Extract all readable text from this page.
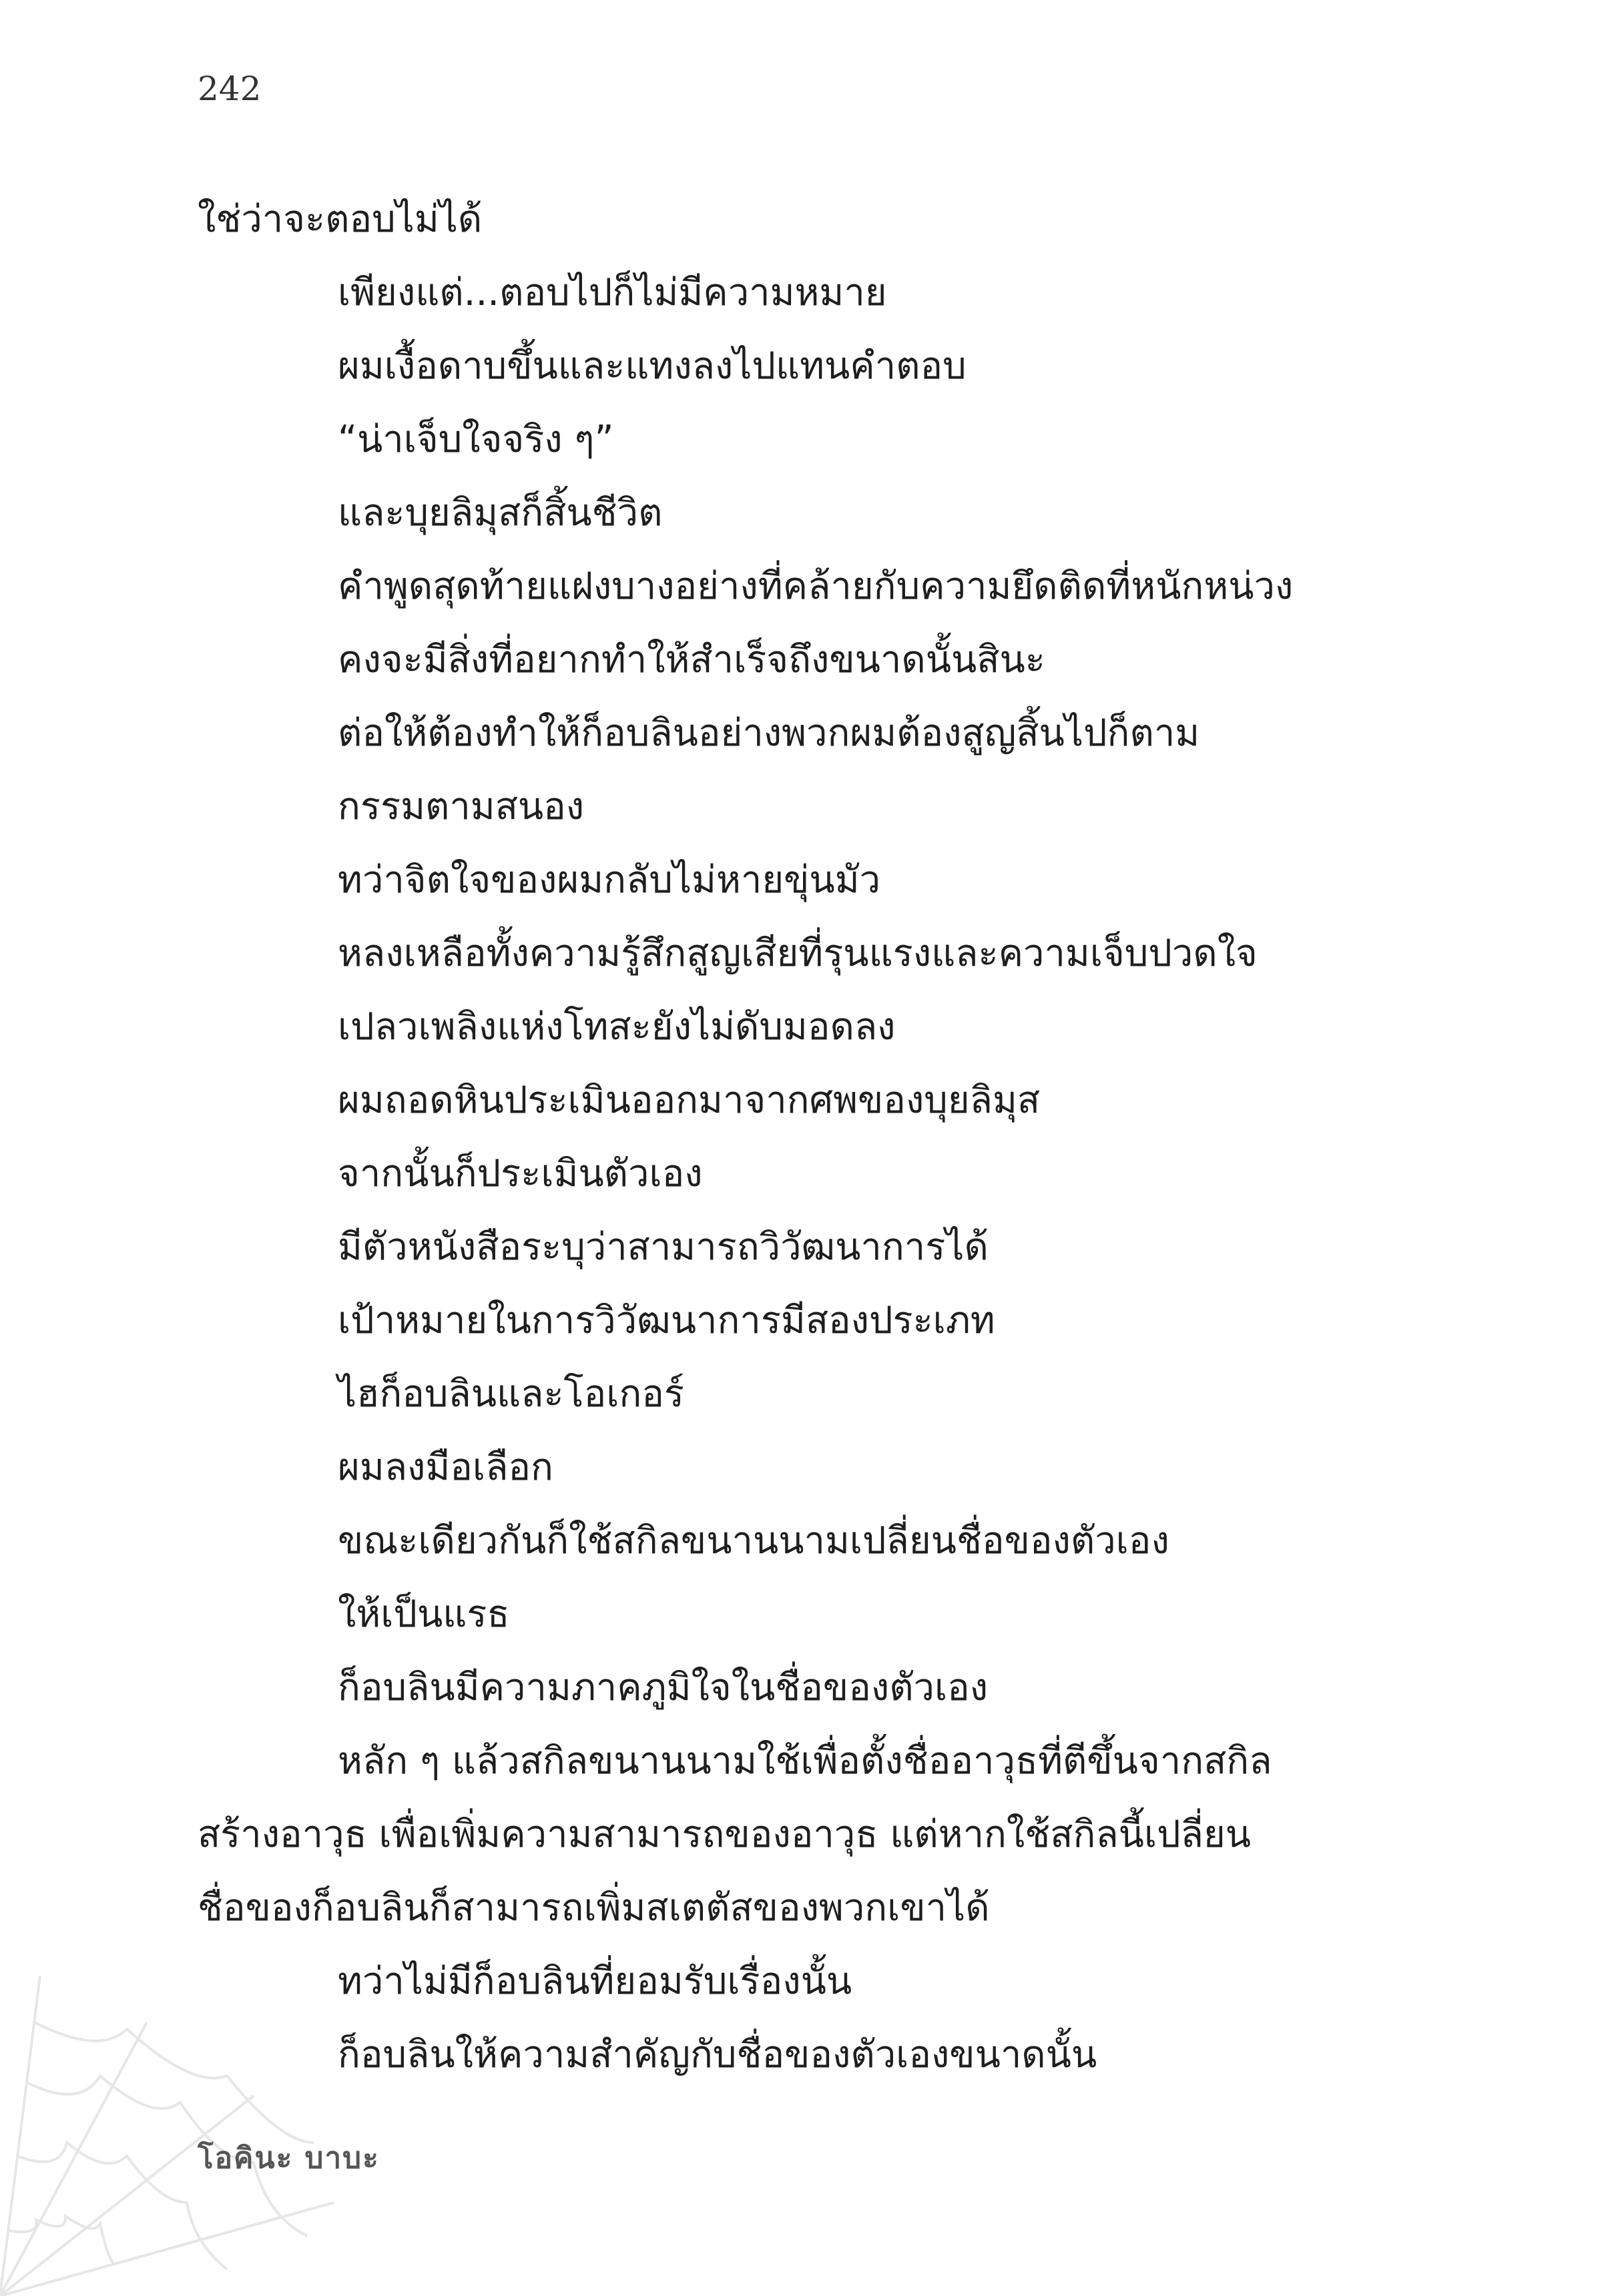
242
ใช่ว่าจะตอบไม่ได้
เพียงแต่...ตอบไปก็ไม่มีความหมาย
ผมเงื้อดาบขึ้นและแทงลงไปแทนคำตอบ
“น่าเจ็บใจจริง ๆ”
และบุยลิมุสก็สิ้นชีวิต
คำพูดสุดท้ายแฝงบางอย่างที่คล้ายกับความยึดติดที่หนักหน่วง
คงจะมีสิ่งที่อยากทำให้สำเร็จถึงขนาดนั้นสินะ
ต่อให้ต้องทำให้ก็อบลินอย่างพวกผมต้องสูญสิ้นไปก็ตาม
กรรมตามสนอง
ทว่าจิตใจของผมกลับไม่หายขุ่นมัว
หลงเหลือทั้งความรู้สึกสูญเสียที่รุนแรงและความเจ็บปวดใจ
เปลวเพลิงแห่งโทสะยังไม่ดับมอดลง
ผมถอดหินประเมินออกมาจากศพของบุยลิมุส
จากนั้นก็ประเมินตัวเอง
มีตัวหนังสือระบุว่าสามารถวิวัฒนาการได้
เป้าหมายในการวิวัฒนาการมีสองประเภท
ไฮก็อบลินและโอเกอร์
ผมลงมือเลือก
ขณะเดียวกันก็ใช้สกิลขนานนามเปลี่ยนชื่อของตัวเอง
ให้เป็นแรธ
ก็อบลินมีความภาคภูมิใจในชื่อของตัวเอง
หลัก ๆ แล้วสกิลขนานนามใช้เพื่อตั้งชื่ออาวุธที่ตีขึ้นจากสกิล
สร้างอาวุธ เพื่อเพิ่มความสามารถของอาวุธ แต่หากใช้สกิลนี้เปลี่ยน
ชื่อของก็อบลินก็สามารถเพิ่มสเตตัสของพวกเขาได้
ทว่าไม่มีก็อบลินที่ยอมรับเรื่องนั้น
ก็อบลินให้ความสำคัญกับชื่อของตัวเองขนาดนั้น
โอคินะ บาบะ
